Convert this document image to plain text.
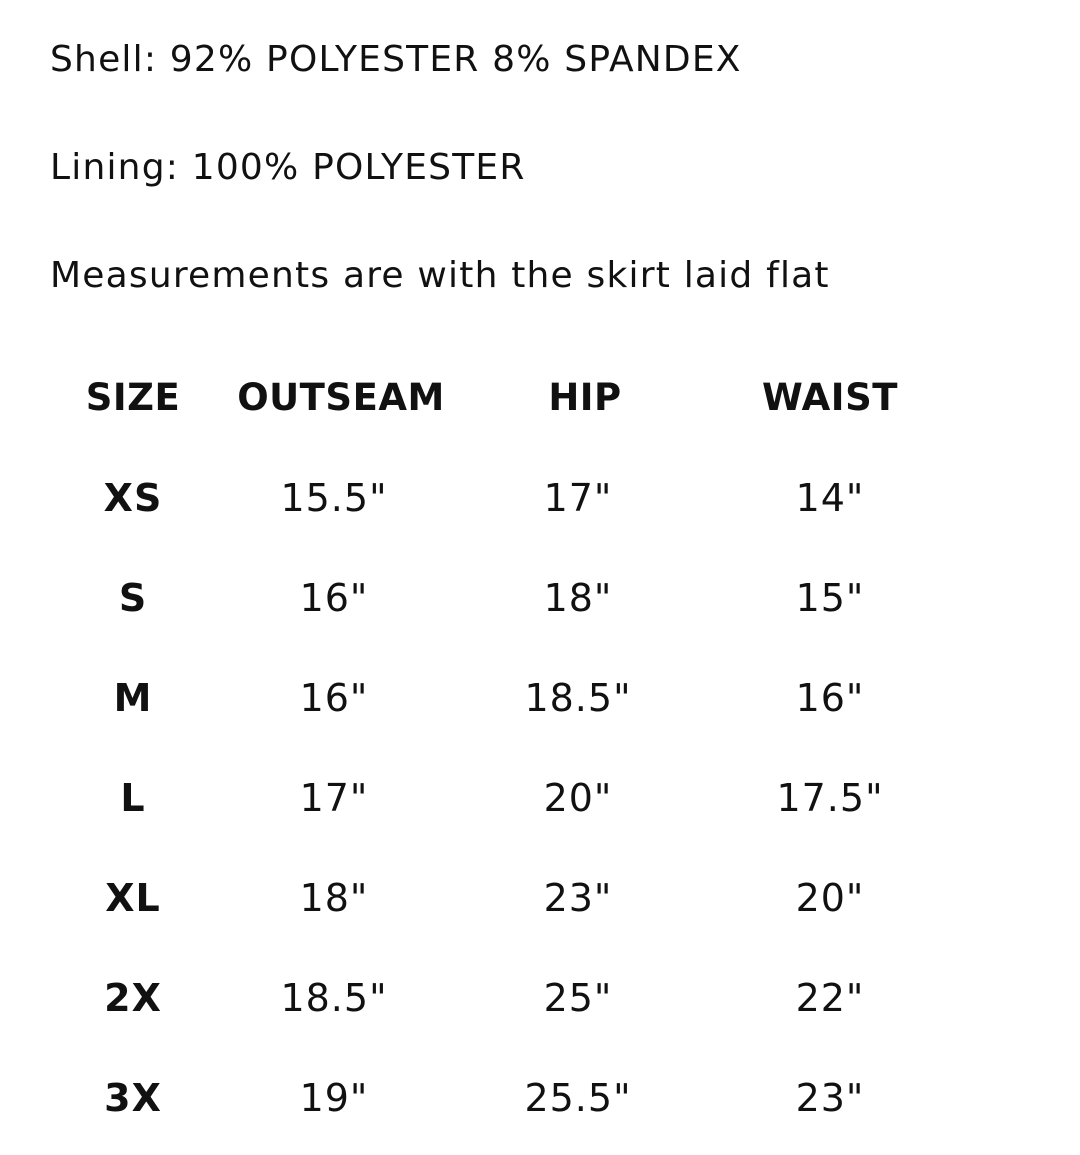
Shell: 92% POLYESTER 8% SPANDEX

Lining: 100% POLYESTER

Measurements are with the skirt laid flat

SIZE OUTSEAM	HIP	WAIST
XS	15.5"	17"	14"
S	16"	18"	15"
M	16"	18.5"	16"
L	17"	20"	17.5"
XL	18"	23"	20"
2X	18.5"	25"	22"
3X	19"	25.5"	23"
